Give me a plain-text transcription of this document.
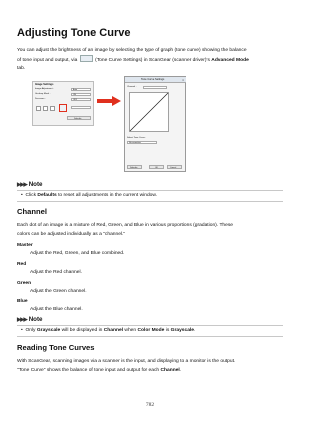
Adjusting Tone Curve
You can adjust the brightness of an image by selecting the type of graph (tone curve) showing the balance
of tone input and output, via	(Tone Curve Settings) in ScanGear (scanner driver)'s Advanced Mode
tab.
Image Settings
Image Adjustment :	Auto
Unsharp Mask :	ON
Descreen :	OFF
Defaults
Tone Curve Settings	×
Channel :
Select Tone Curve :
No correction
Defaults	OK	Cancel
▶▶▶ Note
•  Click Defaults to reset all adjustments in the current window.
Channel
Each dot of an image is a mixture of Red, Green, and Blue in various proportions (gradation). These
colors can be adjusted individually as a "channel."
Master
Adjust the Red, Green, and Blue combined.
Red
Adjust the Red channel.
Green
Adjust the Green channel.
Blue
Adjust the Blue channel.
▶▶▶ Note
•  Only Grayscale will be displayed in Channel when Color Mode is Grayscale.
Reading Tone Curves
With ScanGear, scanning images via a scanner is the input, and displaying to a monitor is the output.
"Tone Curve" shows the balance of tone input and output for each Channel.
782
